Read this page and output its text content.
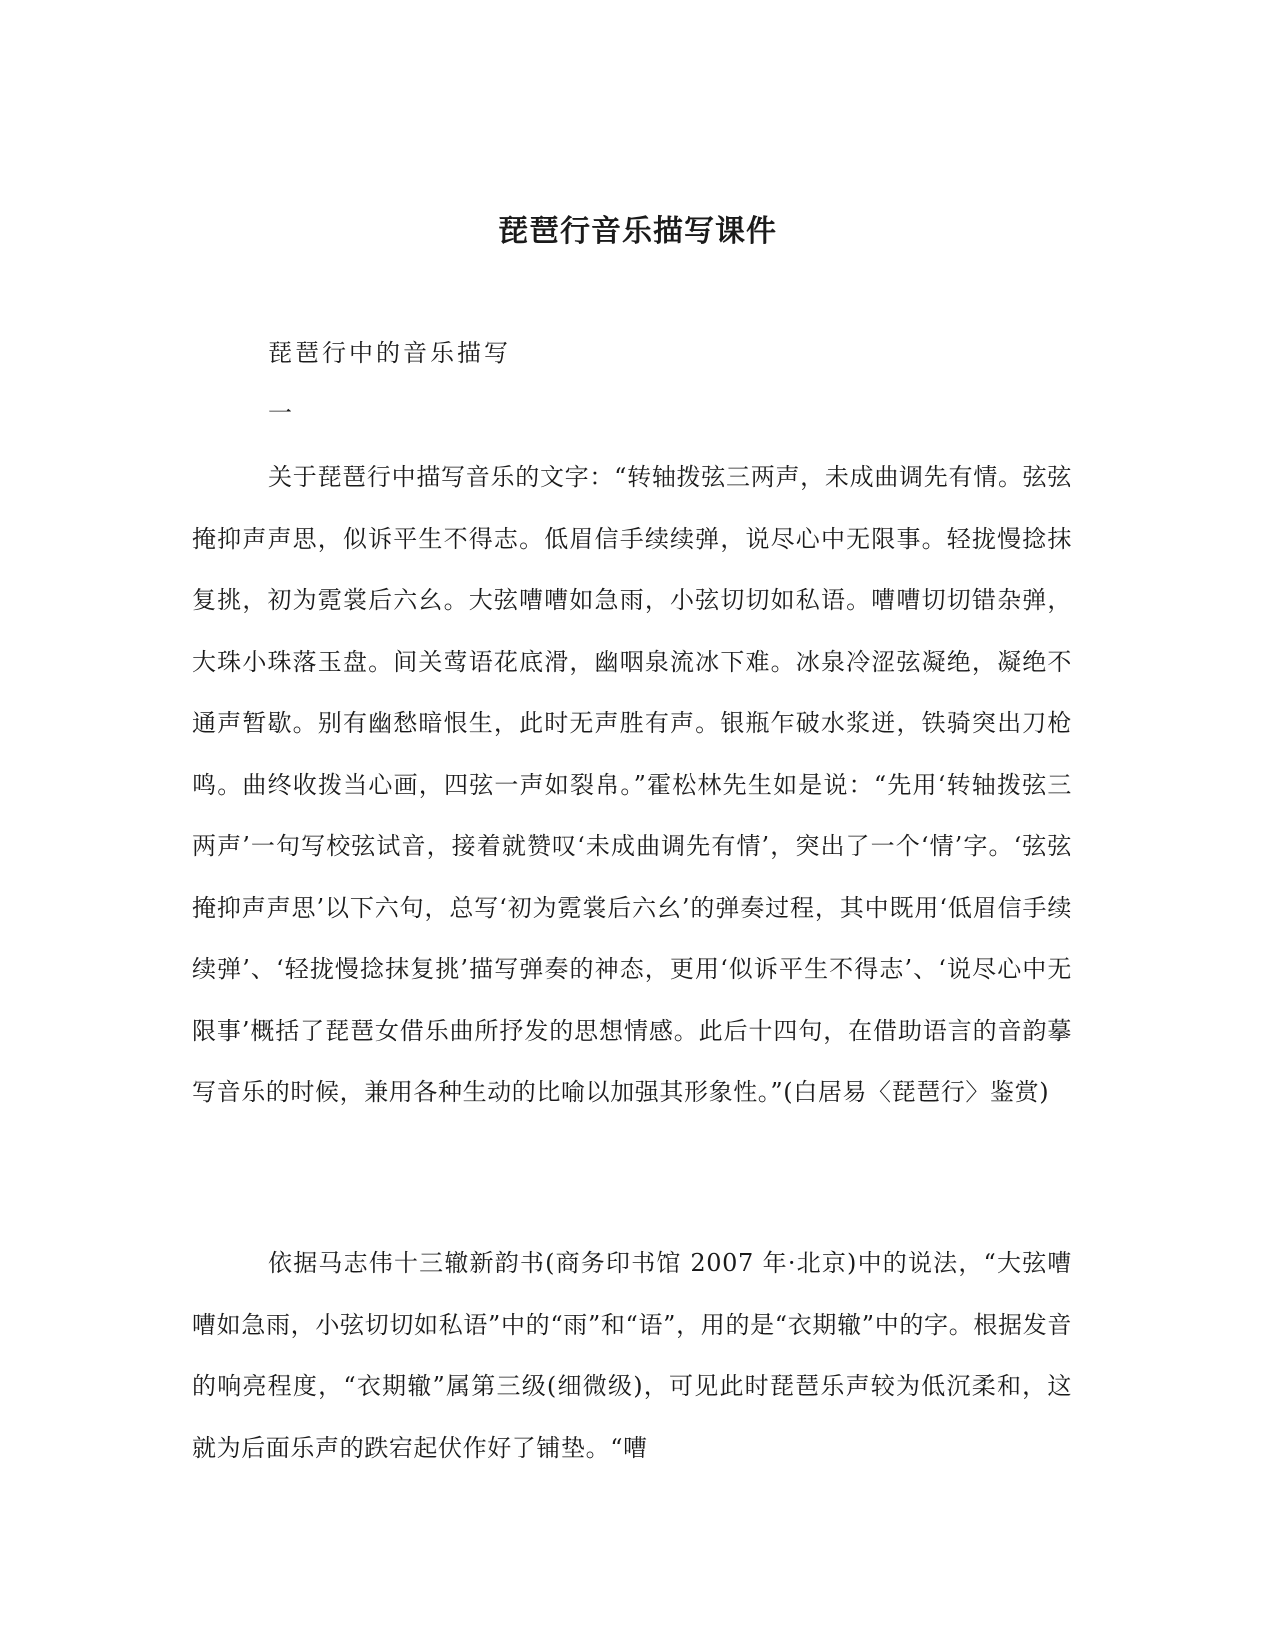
琵琶行音乐描写课件
琵琶行中的音乐描写
一

关于琵琶行中描写音乐的文字：“转轴拨弦三两声，未成曲调先有情。弦弦掩抑声声思，似诉平生不得志。低眉信手续续弹，说尽心中无限事。轻拢慢捻抹复挑，初为霓裳后六幺。大弦嘈嘈如急雨，小弦切切如私语。嘈嘈切切错杂弹，大珠小珠落玉盘。间关莺语花底滑，幽咽泉流冰下难。冰泉冷涩弦凝绝，凝绝不通声暂歇。别有幽愁暗恨生，此时无声胜有声。银瓶乍破水浆迸，铁骑突出刀枪鸣。曲终收拨当心画，四弦一声如裂帛。”霍松林先生如是说：“先用‘转轴拨弦三两声’一句写校弦试音，接着就赞叹‘未成曲调先有情’，突出了一个‘情’字。‘弦弦掩抑声声思’以下六句，总写‘初为霓裳后六幺’的弹奏过程，其中既用‘低眉信手续续弹’、‘轻拢慢捻抹复挑’描写弹奏的神态，更用‘似诉平生不得志’、‘说尽心中无限事’概括了琵琶女借乐曲所抒发的思想情感。此后十四句，在借助语言的音韵摹写音乐的时候，兼用各种生动的比喻以加强其形象性。”(白居易〈琵琶行〉鉴赏)

依据马志伟十三辙新韵书(商务印书馆 2007 年·北京)中的说法，“大弦嘈嘈如急雨，小弦切切如私语”中的“雨”和“语”，用的是“衣期辙”中的字。根据发音的响亮程度，“衣期辙”属第三级(细微级)，可见此时琵琶乐声较为低沉柔和，这就为后面乐声的跌宕起伏作好了铺垫。“嘈
